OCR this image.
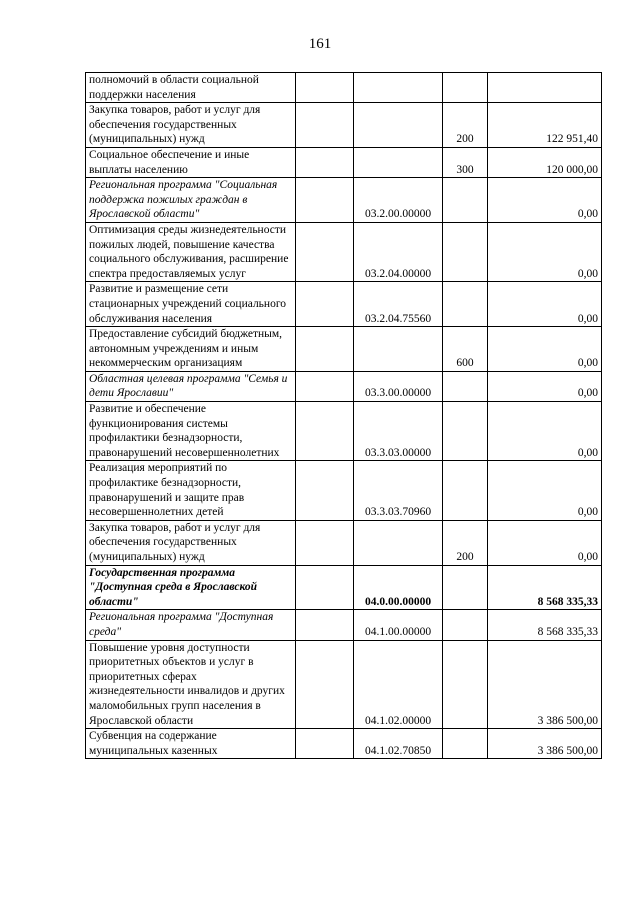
161
полномочий в области социальной поддержки населения				
Закупка товаров, работ и услуг для обеспечения государственных (муниципальных) нужд			200	122 951,40
Социальное обеспечение и иные выплаты населению			300	120 000,00
Региональная программа "Социальная поддержка пожилых граждан в Ярославской области"		03.2.00.00000		0,00
Оптимизация среды жизнедеятельности пожилых людей, повышение качества социального обслуживания, расширение спектра предоставляемых услуг		03.2.04.00000		0,00
Развитие и размещение сети стационарных учреждений социального обслуживания населения		03.2.04.75560		0,00
Предоставление субсидий бюджетным, автономным учреждениям и иным некоммерческим организациям			600	0,00
Областная целевая программа "Семья и дети Ярославии"		03.3.00.00000		0,00
Развитие и обеспечение функционирования системы профилактики безнадзорности, правонарушений несовершеннолетних		03.3.03.00000		0,00
Реализация мероприятий по профилактике безнадзорности, правонарушений и защите прав несовершеннолетних детей		03.3.03.70960		0,00
Закупка товаров, работ и услуг для обеспечения государственных (муниципальных) нужд			200	0,00
Государственная программа "Доступная среда в Ярославской области"		04.0.00.00000		8 568 335,33
Региональная программа "Доступная среда"		04.1.00.00000		8 568 335,33
Повышение уровня доступности приоритетных объектов и услуг в приоритетных сферах жизнедеятельности инвалидов и других маломобильных групп населения в Ярославской области		04.1.02.00000		3 386 500,00
Субвенция на содержание муниципальных казенных		04.1.02.70850		3 386 500,00
